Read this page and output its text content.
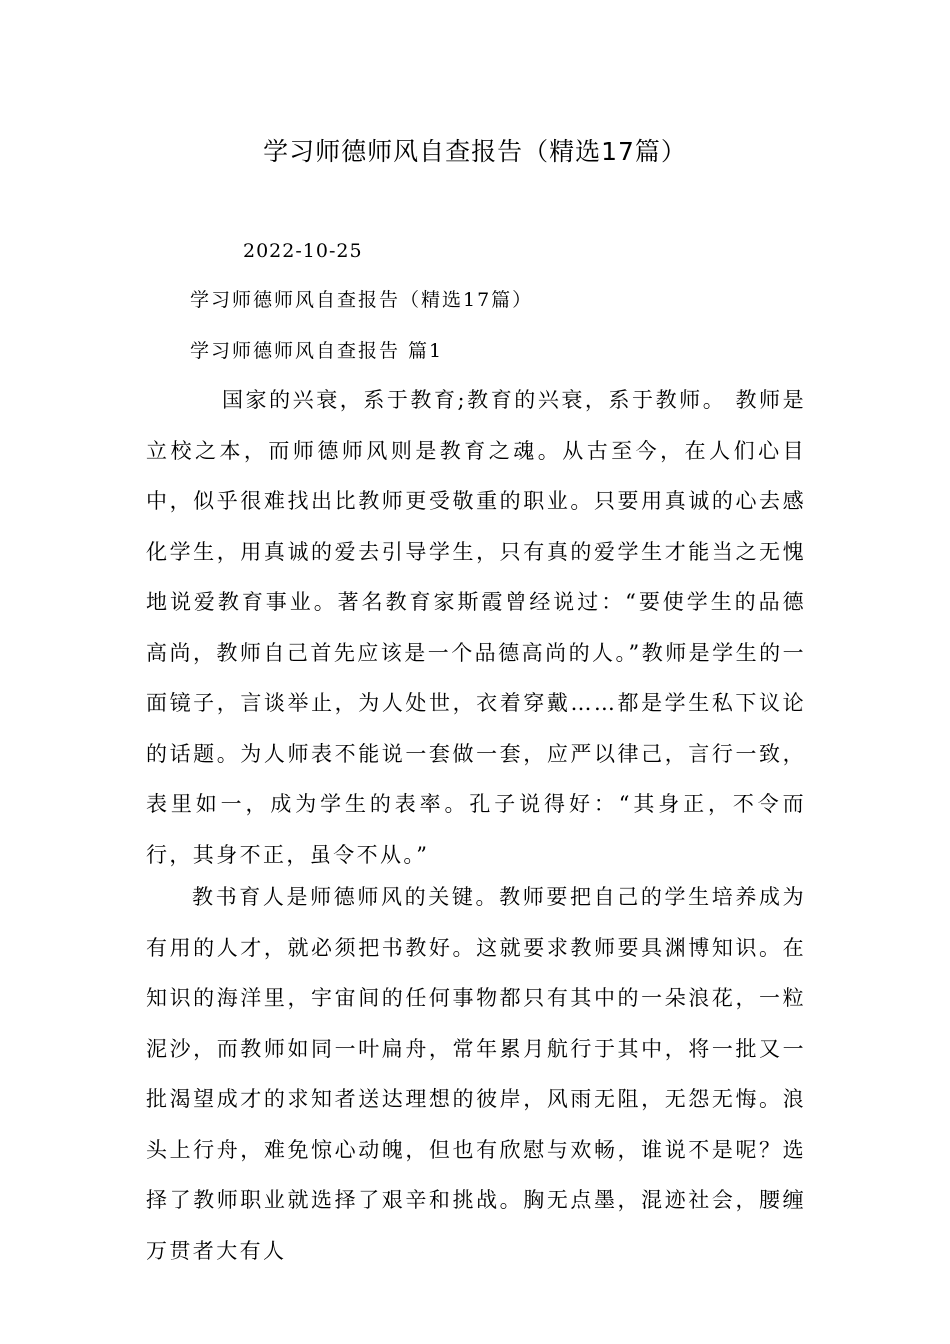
学习师德师风自查报告（精选17篇）

2022-10-25

学习师德师风自查报告（精选17篇）

学习师德师风自查报告 篇1

国家的兴衰，系于教育;教育的兴衰，系于教师。 教师是立校之本，而师德师风则是教育之魂。从古至今，在人们心目中，似乎很难找出比教师更受敬重的职业。只要用真诚的心去感化学生，用真诚的爱去引导学生，只有真的爱学生才能当之无愧地说爱教育事业。著名教育家斯霞曾经说过：“要使学生的品德高尚，教师自己首先应该是一个品德高尚的人。”教师是学生的一面镜子，言谈举止，为人处世，衣着穿戴……都是学生私下议论的话题。为人师表不能说一套做一套，应严以律己，言行一致，表里如一，成为学生的表率。孔子说得好：“其身正，不令而行，其身不正，虽令不从。”

教书育人是师德师风的关键。教师要把自己的学生培养成为有用的人才，就必须把书教好。这就要求教师要具渊博知识。在知识的海洋里，宇宙间的任何事物都只有其中的一朵浪花，一粒泥沙，而教师如同一叶扁舟，常年累月航行于其中，将一批又一批渴望成才的求知者送达理想的彼岸，风雨无阻，无怨无悔。浪头上行舟，难免惊心动魄，但也有欣慰与欢畅，谁说不是呢？选择了教师职业就选择了艰辛和挑战。胸无点墨，混迹社会，腰缠万贯者大有人
